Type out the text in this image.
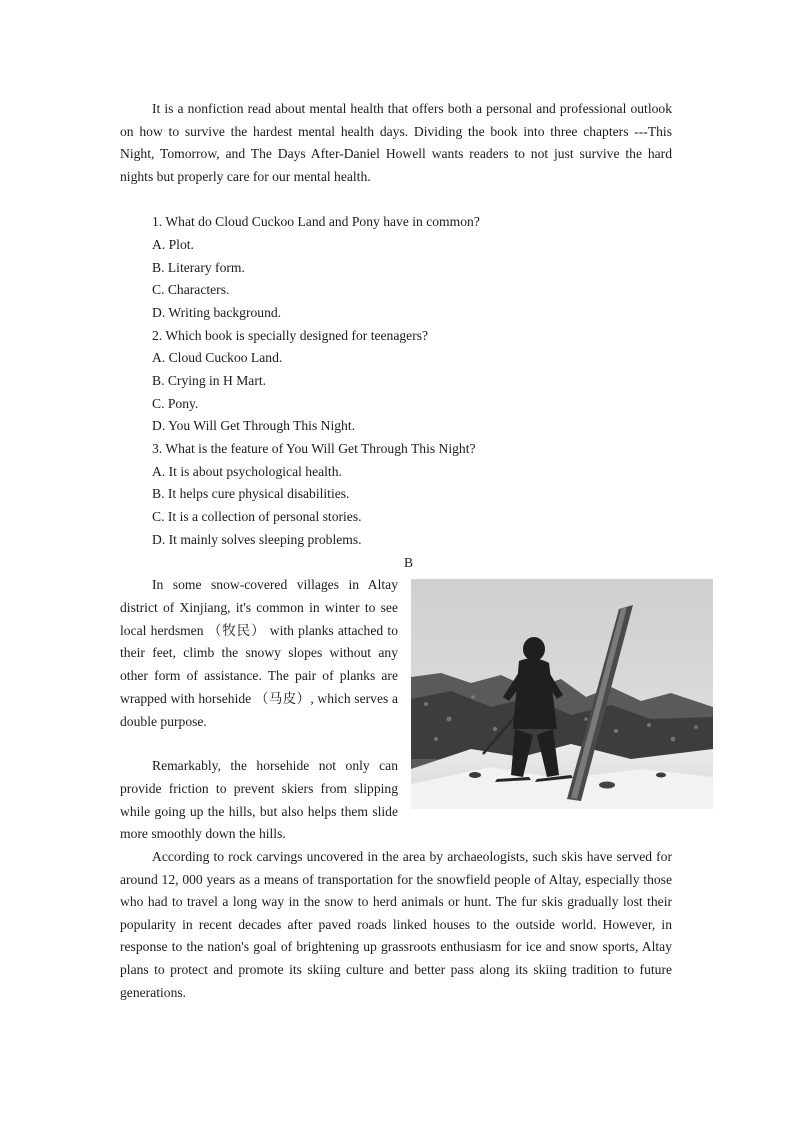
It is a nonfiction read about mental health that offers both a personal and professional outlook on how to survive the hardest mental health days. Dividing the book into three chapters ---This Night, Tomorrow, and The Days After-Daniel Howell wants readers to not just survive the hard nights but properly care for our mental health.

1. What do Cloud Cuckoo Land and Pony have in common?

A. Plot.

B. Literary form.

C. Characters.

D. Writing background.

2. Which book is specially designed for teenagers?

A. Cloud Cuckoo Land.

B. Crying in H Mart.

C. Pony.

D. You Will Get Through This Night.

3. What is the feature of You Will Get Through This Night?

A. It is about psychological health.

B. It helps cure physical disabilities.

C. It is a collection of personal stories.

D. It mainly solves sleeping problems.

B

In some snow-covered villages in Altay district of Xinjiang, it's common in winter to see local herdsmen （牧民） with planks attached to their feet, climb the snowy slopes without any other form of assistance. The pair of planks are wrapped with horsehide （马皮）, which serves a double purpose.

Remarkably, the horsehide not only can provide friction to prevent skiers from slipping while going up the hills, but also helps them slide more smoothly down the hills.

According to rock carvings uncovered in the area by archaeologists, such skis have served for around 12, 000 years as a means of transportation for the snowfield people of Altay, especially those who had to travel a long way in the snow to herd animals or hunt. The fur skis gradually lost their popularity in recent decades after paved roads linked houses to the outside world. However, in response to the nation's goal of brightening up grassroots enthusiasm for ice and snow sports, Altay plans to protect and promote its skiing culture and better pass along its skiing tradition to future generations.
